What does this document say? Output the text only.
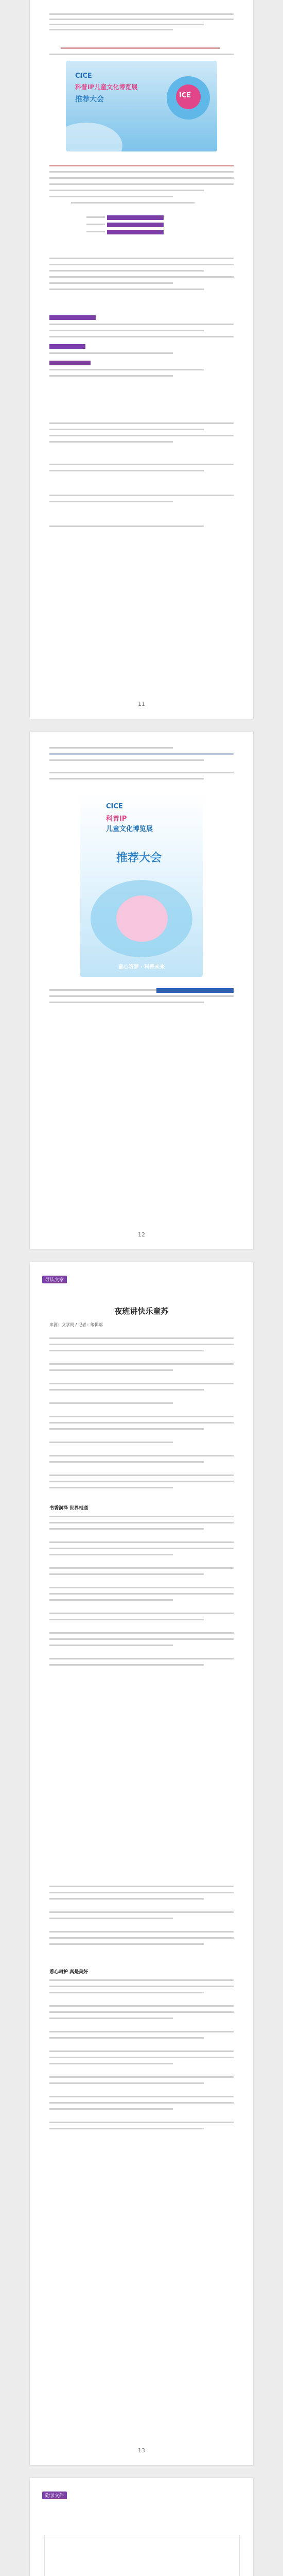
ICE
CICE
科普IP儿童文化博览展
推荐大会
11
CICE
科普IP
儿童文化博览展
推荐大会
童心筑梦 · 科普未来
12
导读文章
夜班讲快乐童苏
来源：文学网 / 记者：编辑部
书香润泽 世界相通
悉心呵护 真是美好
13
附录文件
